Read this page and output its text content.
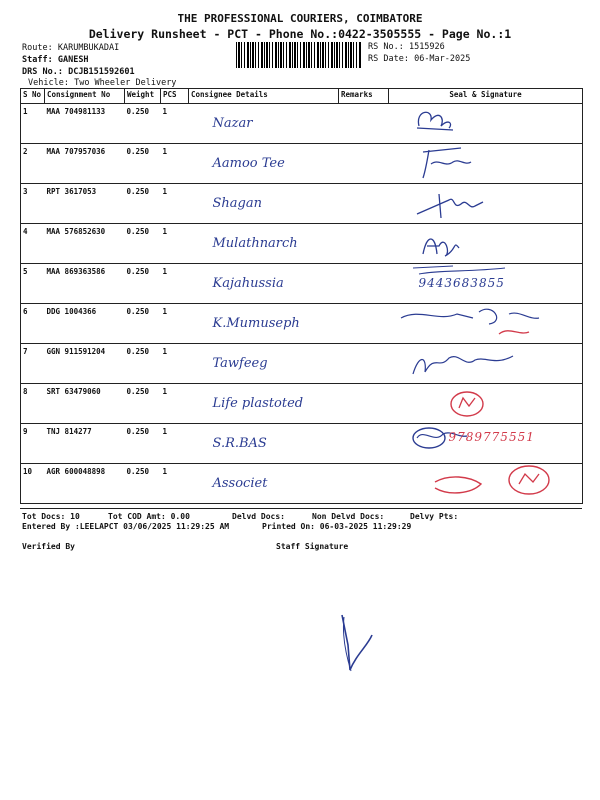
THE PROFESSIONAL COURIERS, COIMBATORE
Delivery Runsheet - PCT - Phone No.:0422-3505555 - Page No.:1
Route: KARUMBUKADAI
Staff: GANESH
DRS No.: DCJB151592601
Vehicle: Two Wheeler Delivery
RS No.: 1515926
RS Date: 06-Mar-2025
S No	Consignment No	Weight	PCS	Consignee Details	Remarks	Seal & Signature
1	MAA 704981133	0.250	1	Nazar

2	MAA 707957036	0.250	1	Aamoo Tee

3	RPT 3617053	0.250	1	Shagan

4	MAA 576852630	0.250	1	Mulathnarch

5	MAA 869363586	0.250	1	Kajahussia		9443683855

6	DDG 1004366	0.250	1	K.Mumuseph

7	GGN 911591204	0.250	1	Tawfeeg

8	SRT 63479060	0.250	1	Life plastoted

9	TNJ 814277	0.250	1	S.R.BAS		9789775551

10	AGR 600048898	0.250	1	Associet

Tot Docs: 10	Tot COD Amt: 0.00	Delvd Docs:	Non Delvd Docs:	Delvy Pts:
Entered By :LEELAPCT 03/06/2025 11:29:25 AM	Printed On: 06-03-2025 11:29:29
Verified By	Staff Signature
